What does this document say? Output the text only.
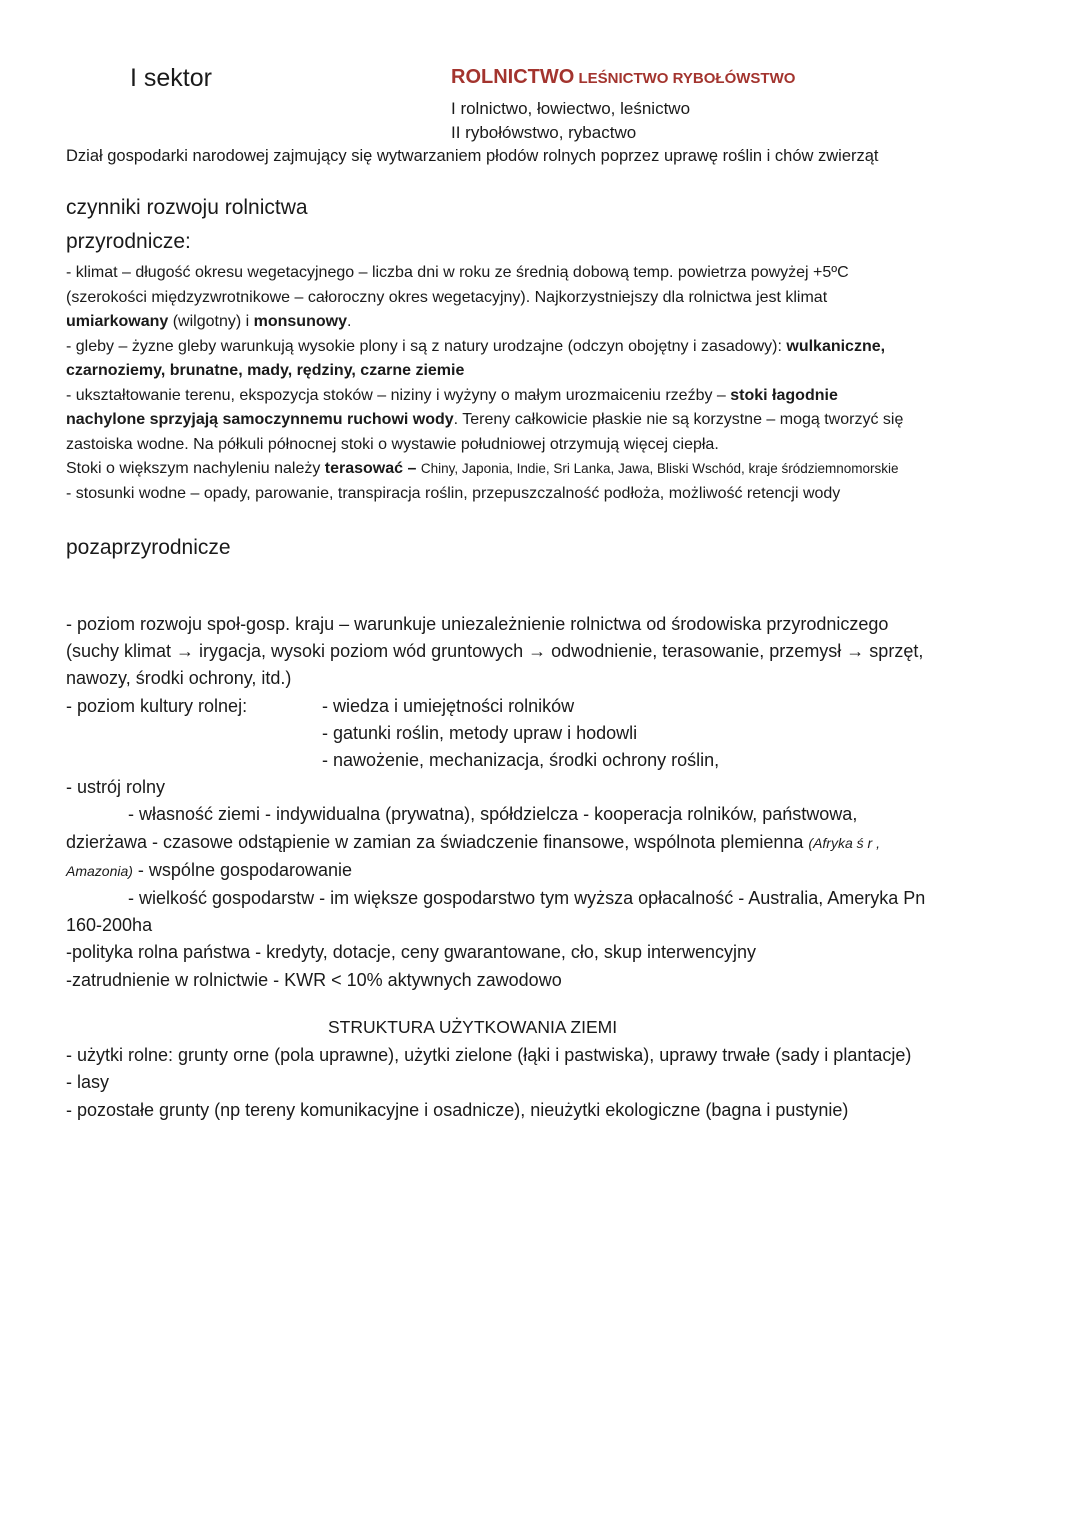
I sektor	ROLNICTWO LEŚNICTWO RYBOŁÓWSTWO
I rolnictwo, łowiectwo, leśnictwo
II rybołówstwo, rybactwo
Dział gospodarki narodowej zajmujący się wytwarzaniem płodów rolnych poprzez uprawę roślin i chów zwierząt
czynniki rozwoju rolnictwa
przyrodnicze:
- klimat – długość okresu wegetacyjnego – liczba dni w roku ze średnią dobową temp. powietrza powyżej +5ºC
(szerokości międzyzwrotnikowe – całoroczny okres wegetacyjny). Najkorzystniejszy dla rolnictwa jest klimat
umiarkowany (wilgotny) i monsunowy.
- gleby – żyzne gleby warunkują wysokie plony i są z natury urodzajne (odczyn obojętny i zasadowy): wulkaniczne,
czarnoziemy, brunatne, mady, rędziny, czarne ziemie
- ukształtowanie terenu, ekspozycja stoków – niziny i wyżyny o małym urozmaiceniu rzeźby – stoki łagodnie
nachylone sprzyjają samoczynnemu ruchowi wody. Tereny całkowicie płaskie nie są korzystne – mogą tworzyć się
zastoiska wodne. Na półkuli północnej stoki o wystawie południowej otrzymują więcej ciepła.
Stoki o większym nachyleniu należy terasować – Chiny, Japonia, Indie, Sri Lanka, Jawa, Bliski Wschód, kraje śródziemnomorskie
- stosunki wodne – opady, parowanie, transpiracja roślin, przepuszczalność podłoża, możliwość retencji wody
pozaprzyrodnicze
- poziom rozwoju społ-gosp. kraju – warunkuje uniezależnienie rolnictwa od środowiska przyrodniczego
(suchy klimat → irygacja, wysoki poziom wód gruntowych → odwodnienie, terasowanie, przemysł → sprzęt,
nawozy, środki ochrony, itd.)
- poziom kultury rolnej:	- wiedza i umiejętności rolników

- gatunki roślin, metody upraw i hodowli

- nawożenie, mechanizacja, środki ochrony roślin,
- ustrój rolny
- własność ziemi - indywidualna (prywatna), spółdzielcza - kooperacja rolników, państwowa,
dzierżawa - czasowe odstąpienie w zamian za świadczenie finansowe, wspólnota plemienna (Afryka ś r ,
Amazonia) - wspólne gospodarowanie
- wielkość gospodarstw - im większe gospodarstwo tym wyższa opłacalność - Australia, Ameryka Pn
160-200ha
-polityka rolna państwa - kredyty, dotacje, ceny gwarantowane, cło, skup interwencyjny
-zatrudnienie w rolnictwie - KWR < 10% aktywnych zawodowo
STRUKTURA UŻYTKOWANIA ZIEMI
- użytki rolne: grunty orne (pola uprawne), użytki zielone (łąki i pastwiska), uprawy trwałe (sady i plantacje)
- lasy
- pozostałe grunty (np tereny komunikacyjne i osadnicze), nieużytki ekologiczne (bagna i pustynie)
